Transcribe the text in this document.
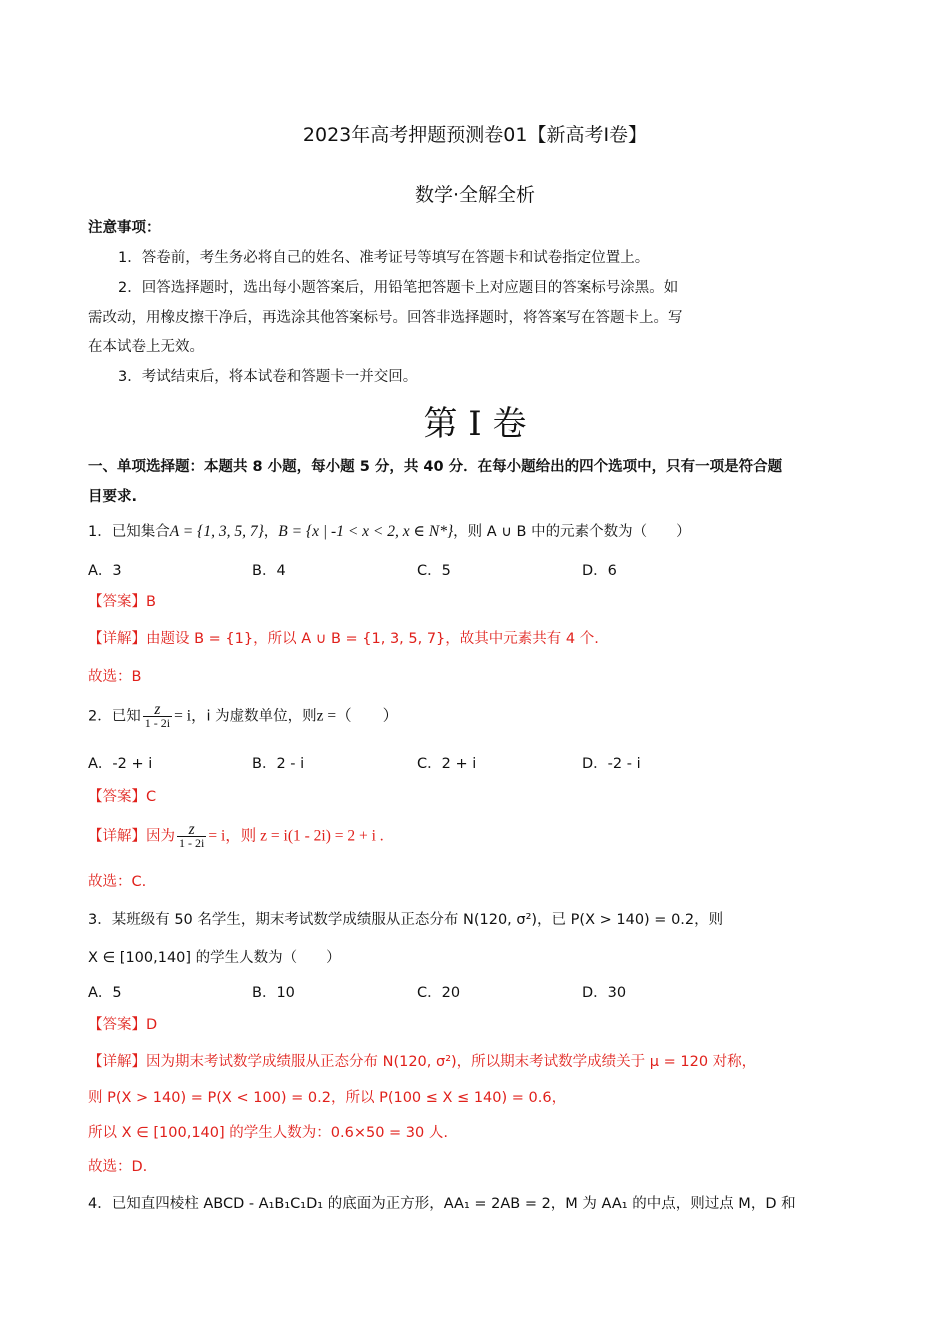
2023年高考押题预测卷01【新高考Ⅰ卷】
数学·全解全析
注意事项：
1．答卷前，考生务必将自己的姓名、准考证号等填写在答题卡和试卷指定位置上。
2．回答选择题时，选出每小题答案后，用铅笔把答题卡上对应题目的答案标号涂黑。如
需改动，用橡皮擦干净后，再选涂其他答案标号。回答非选择题时，将答案写在答题卡上。写
在本试卷上无效。
3．考试结束后，将本试卷和答题卡一并交回。
第 I 卷
一、单项选择题：本题共 8 小题，每小题 5 分，共 40 分．在每小题给出的四个选项中，只有一项是符合题
目要求.
1．已知集合A = {1, 3, 5, 7}，B = {x | -1 < x < 2, x ∈ N*}，则 A ∪ B 中的元素个数为（　　）
A．3	B．4	C．5	D．6
【答案】B
【详解】由题设 B = {1}，所以 A ∪ B = {1, 3, 5, 7}，故其中元素共有 4 个.
故选：B
2．已知 $\frac{z}{1 - 2i} = i$，i 为虚数单位，则z =（　　）
A．-2 + i	B．2 - i	C．2 + i	D．-2 - i
【答案】C
【详解】因为 $\frac{z}{1 - 2i} = i$，则 z = i(1 - 2i) = 2 + i .
故选：C.
3．某班级有 50 名学生，期末考试数学成绩服从正态分布 N(120, σ²)，已 P(X > 140) = 0.2，则
X ∈ [100,140] 的学生人数为（　　）
A．5	B．10	C．20	D．30
【答案】D
【详解】因为期末考试数学成绩服从正态分布 N(120, σ²)，所以期末考试数学成绩关于 μ = 120 对称，
则 P(X > 140) = P(X < 100) = 0.2，所以 P(100 ≤ X ≤ 140) = 0.6，
所以 X ∈ [100,140] 的学生人数为：0.6×50 = 30 人.
故选：D.
4．已知直四棱柱 ABCD - A₁B₁C₁D₁ 的底面为正方形，AA₁ = 2AB = 2，M 为 AA₁ 的中点，则过点 M，D 和
